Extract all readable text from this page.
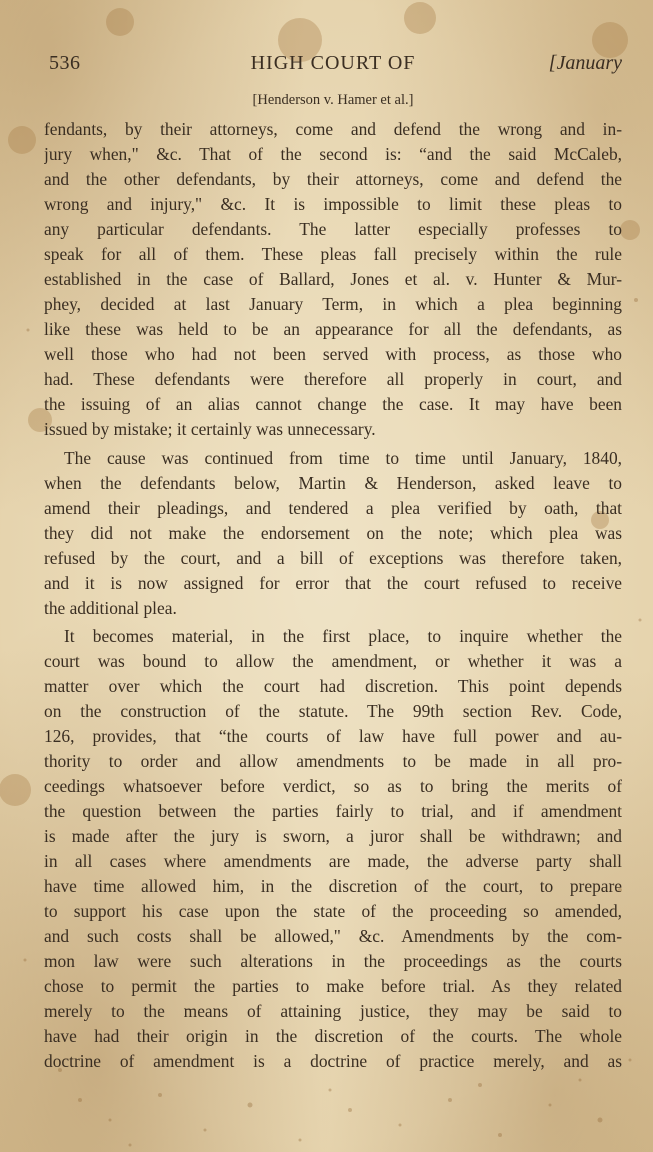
536	HIGH COURT OF	[January
[Henderson v. Hamer et al.]
fendants, by their attorneys, come and defend the wrong and in-
jury when," &c. That of the second is: “and the said McCaleb,
and the other defendants, by their attorneys, come and defend the
wrong and injury," &c. It is impossible to limit these pleas to
any particular defendants. The latter especially professes to
speak for all of them. These pleas fall precisely within the rule
established in the case of Ballard, Jones et al. v. Hunter & Mur-
phey, decided at last January Term, in which a plea beginning
like these was held to be an appearance for all the defendants, as
well those who had not been served with process, as those who
had. These defendants were therefore all properly in court, and
the issuing of an alias cannot change the case. It may have been
issued by mistake; it certainly was unnecessary.
The cause was continued from time to time until January, 1840,
when the defendants below, Martin & Henderson, asked leave to
amend their pleadings, and tendered a plea verified by oath, that
they did not make the endorsement on the note; which plea was
refused by the court, and a bill of exceptions was therefore taken,
and it is now assigned for error that the court refused to receive
the additional plea.
It becomes material, in the first place, to inquire whether the
court was bound to allow the amendment, or whether it was a
matter over which the court had discretion. This point depends
on the construction of the statute. The 99th section Rev. Code,
126, provides, that “the courts of law have full power and au-
thority to order and allow amendments to be made in all pro-
ceedings whatsoever before verdict, so as to bring the merits of
the question between the parties fairly to trial, and if amendment
is made after the jury is sworn, a juror shall be withdrawn; and
in all cases where amendments are made, the adverse party shall
have time allowed him, in the discretion of the court, to prepare
to support his case upon the state of the proceeding so amended,
and such costs shall be allowed," &c. Amendments by the com-
mon law were such alterations in the proceedings as the courts
chose to permit the parties to make before trial. As they related
merely to the means of attaining justice, they may be said to
have had their origin in the discretion of the courts. The whole
doctrine of amendment is a doctrine of practice merely, and as
